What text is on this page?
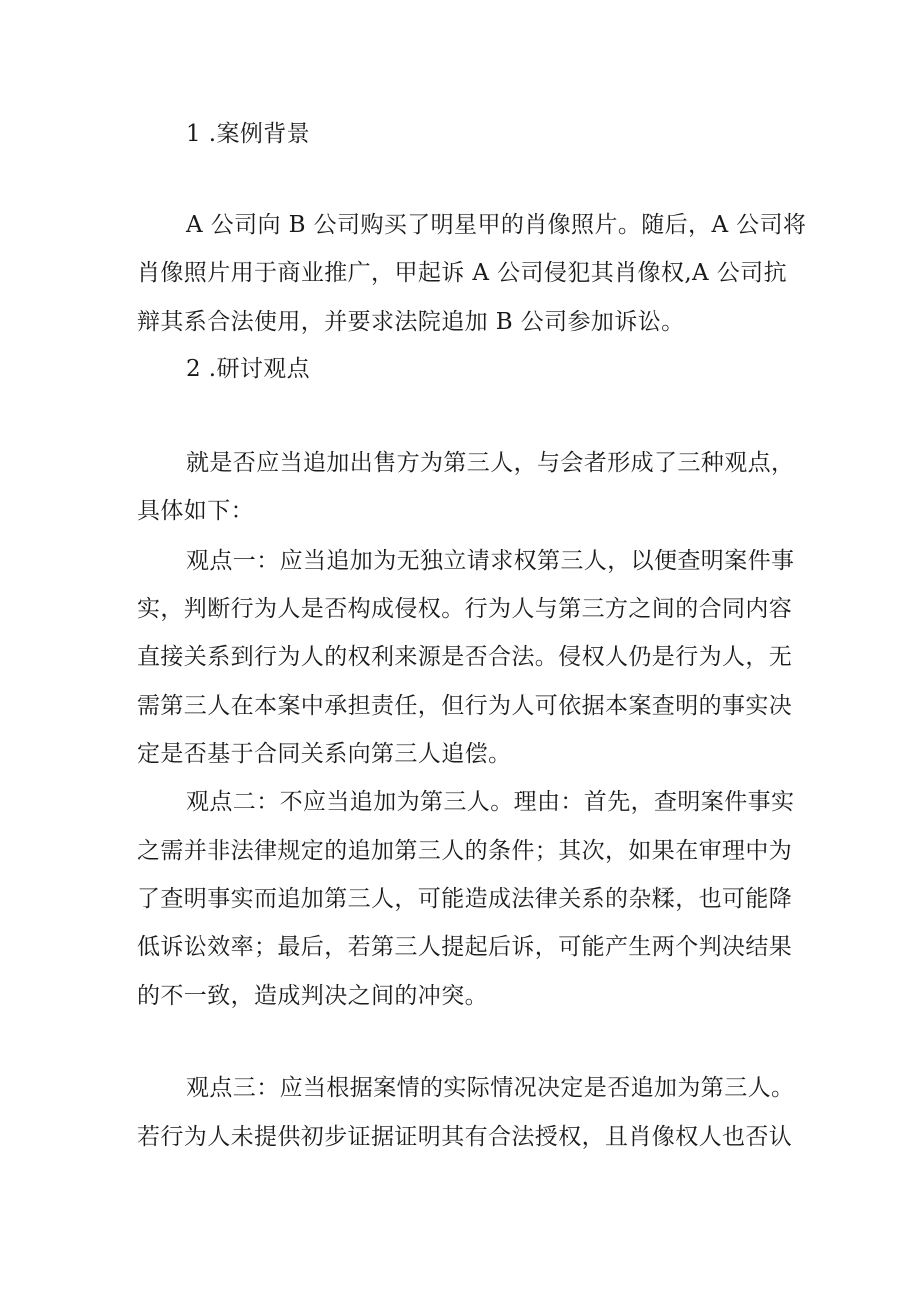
1 .案例背景
A 公司向 B 公司购买了明星甲的肖像照片。随后，A 公司将
肖像照片用于商业推广，甲起诉 A 公司侵犯其肖像权,A 公司抗
辩其系合法使用，并要求法院追加 B 公司参加诉讼。
2 .研讨观点
就是否应当追加出售方为第三人，与会者形成了三种观点，
具体如下：
观点一：应当追加为无独立请求权第三人，以便查明案件事
实，判断行为人是否构成侵权。行为人与第三方之间的合同内容
直接关系到行为人的权利来源是否合法。侵权人仍是行为人，无
需第三人在本案中承担责任，但行为人可依据本案查明的事实决
定是否基于合同关系向第三人追偿。
观点二：不应当追加为第三人。理由：首先，查明案件事实
之需并非法律规定的追加第三人的条件；其次，如果在审理中为
了查明事实而追加第三人，可能造成法律关系的杂糅，也可能降
低诉讼效率；最后，若第三人提起后诉，可能产生两个判决结果
的不一致，造成判决之间的冲突。
观点三：应当根据案情的实际情况决定是否追加为第三人。
若行为人未提供初步证据证明其有合法授权，且肖像权人也否认
